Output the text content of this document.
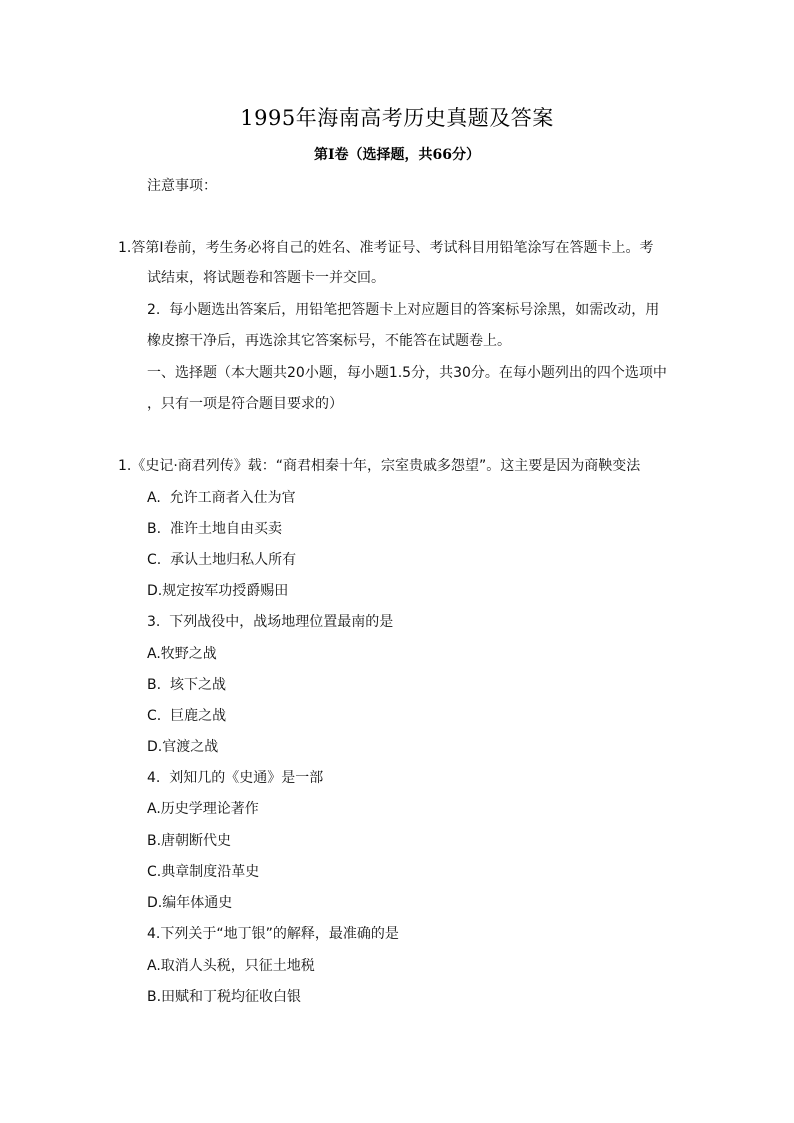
1995年海南高考历史真题及答案
第Ⅰ卷（选择题，共66分）
注意事项：
1.答第Ⅰ卷前，考生务必将自己的姓名、准考证号、考试科目用铅笔涂写在答题卡上。考
试结束，将试题卷和答题卡一并交回。
2.  每小题选出答案后，用铅笔把答题卡上对应题目的答案标号涂黑，如需改动，用
橡皮擦干净后，再选涂其它答案标号，不能答在试题卷上。
一、选择题（本大题共20小题，每小题1.5分，共30分。在每小题列出的四个选项中
，只有一项是符合题目要求的）
1.《史记·商君列传》载：“商君相秦十年，宗室贵戚多怨望”。这主要是因为商鞅变法
A.  允许工商者入仕为官
B.  准许土地自由买卖
C.  承认土地归私人所有
D.规定按军功授爵赐田
3.  下列战役中，战场地理位置最南的是
A.牧野之战
B.  垓下之战
C.  巨鹿之战
D.官渡之战
4.  刘知几的《史通》是一部
A.历史学理论著作
B.唐朝断代史
C.典章制度沿革史
D.编年体通史
4.下列关于“地丁银”的解释，最准确的是
A.取消人头税，只征土地税
B.田赋和丁税均征收白银
